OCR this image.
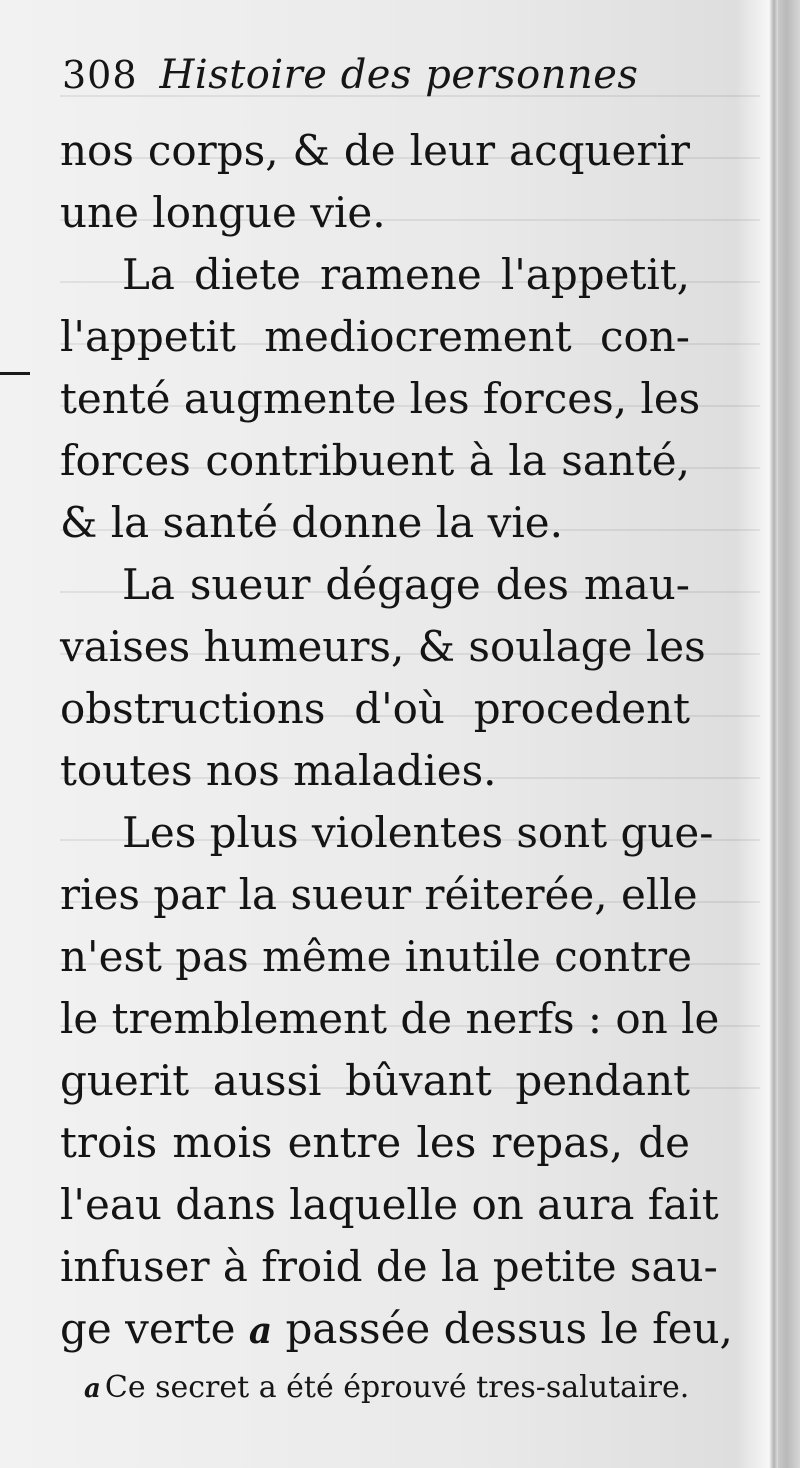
308 Histoire des personnes
nos corps, & de leur acquerir
une longue vie.
La diete ramene l'appetit,
l'appetit mediocrement con-
tenté augmente les forces, les
forces contribuent à la santé,
& la santé donne la vie.
La sueur dégage des mau-
vaises humeurs, & soulage les
obstructions d'où procedent
toutes nos maladies.
Les plus violentes sont gue-
ries par la sueur réiterée, elle
n'est pas même inutile contre
le tremblement de nerfs : on le
guerit aussi bûvant pendant
trois mois entre les repas, de
l'eau dans laquelle on aura fait
infuser à froid de la petite sau-
ge verte a passée dessus le feu,
a Ce secret a été éprouvé tres-salutaire.
